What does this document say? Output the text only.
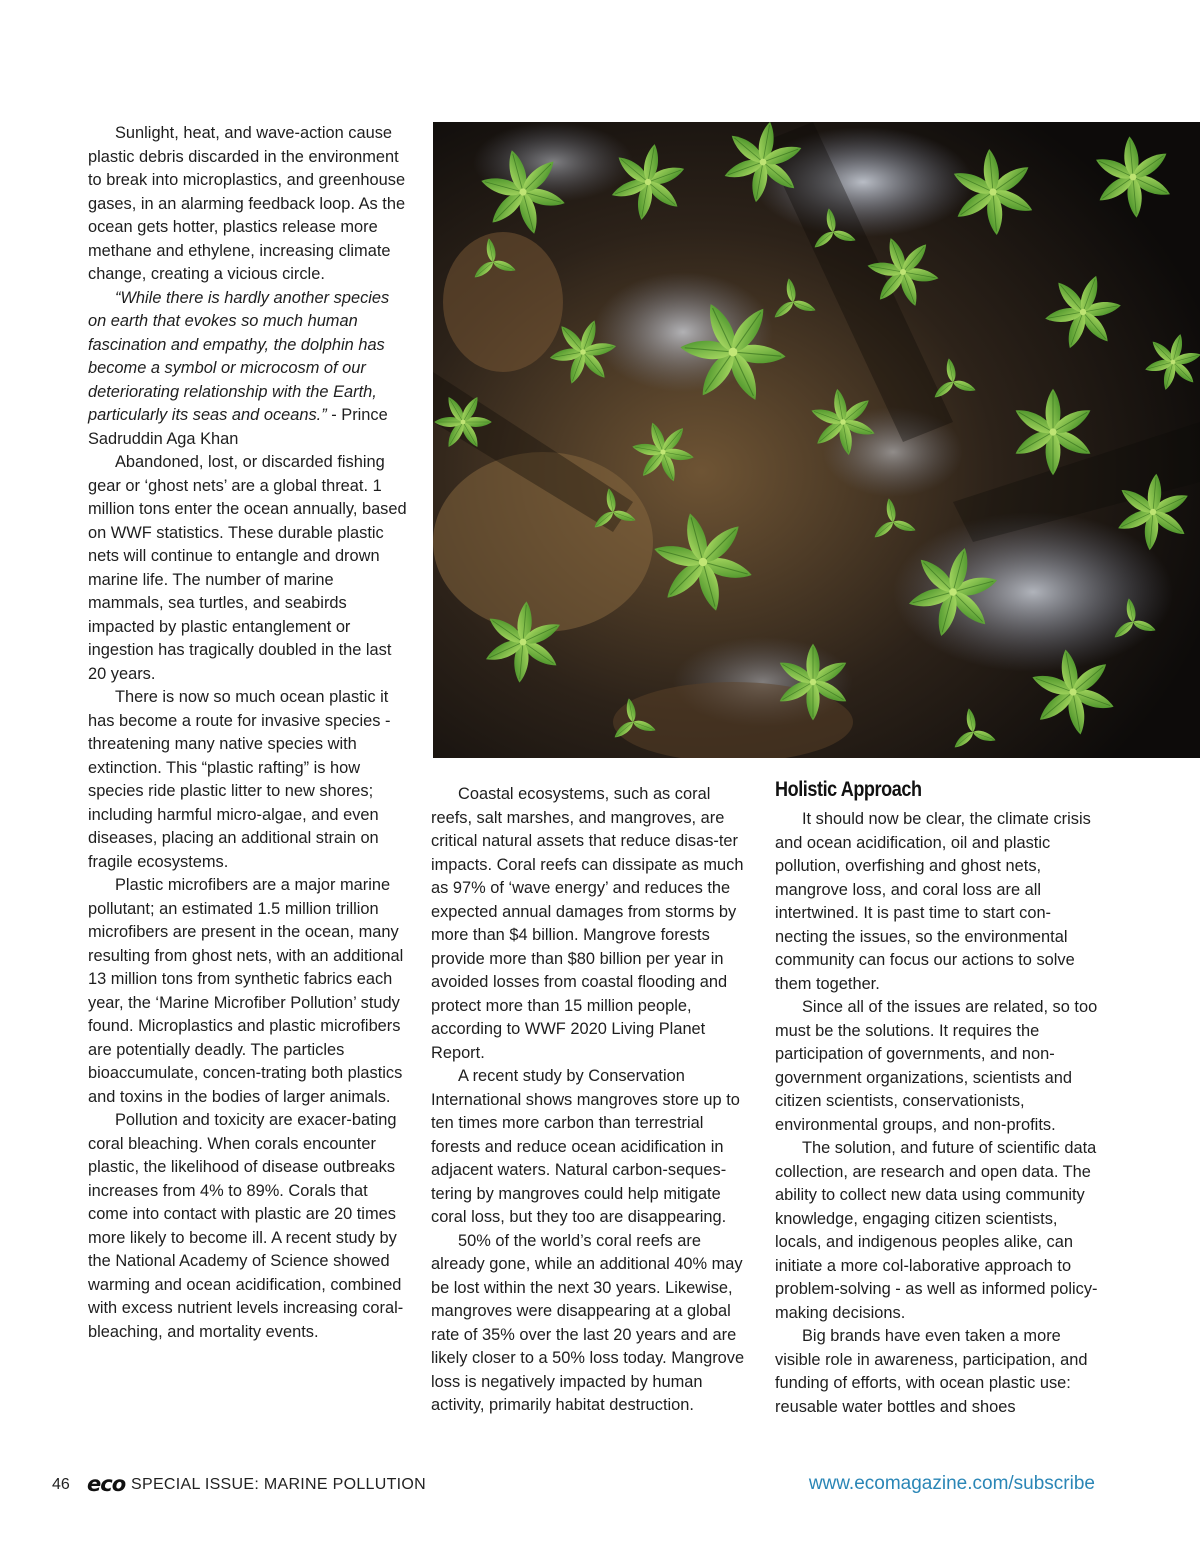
Sunlight, heat, and wave-action cause plastic debris discarded in the environment to break into microplastics, and greenhouse gases, in an alarming feedback loop. As the ocean gets hotter, plastics release more methane and ethylene, increasing climate change, creating a vicious circle.

“While there is hardly another species on earth that evokes so much human fascination and empathy, the dolphin has become a symbol or microcosm of our deteriorating relationship with the Earth, particularly its seas and oceans.” - Prince Sadruddin Aga Khan

Abandoned, lost, or discarded fishing gear or ‘ghost nets’ are a global threat. 1 million tons enter the ocean annually, based on WWF statistics. These durable plastic nets will continue to entangle and drown marine life. The number of marine mammals, sea turtles, and seabirds impacted by plastic entanglement or ingestion has tragically doubled in the last 20 years.

There is now so much ocean plastic it has become a route for invasive species - threatening many native species with extinction. This “plastic rafting” is how species ride plastic litter to new shores; including harmful micro-algae, and even diseases, placing an additional strain on fragile ecosystems.

Plastic microfibers are a major marine pollutant; an estimated 1.5 million trillion microfibers are present in the ocean, many resulting from ghost nets, with an additional 13 million tons from synthetic fabrics each year, the ‘Marine Microfiber Pollution’ study found. Microplastics and plastic microfibers are potentially deadly. The particles bioaccumulate, concen-trating both plastics and toxins in the bodies of larger animals.

Pollution and toxicity are exacer-bating coral bleaching. When corals encounter plastic, the likelihood of disease outbreaks increases from 4% to 89%. Corals that come into contact with plastic are 20 times more likely to become ill. A recent study by the National Academy of Science showed warming and ocean acidification, combined with excess nutrient levels increasing coral-bleaching, and mortality events.

Coastal ecosystems, such as coral reefs, salt marshes, and mangroves, are critical natural assets that reduce disas-ter impacts. Coral reefs can dissipate as much as 97% of ‘wave energy’ and reduces the expected annual damages from storms by more than $4 billion. Mangrove forests provide more than $80 billion per year in avoided losses from coastal flooding and protect more than 15 million people, according to WWF 2020 Living Planet Report.

A recent study by Conservation International shows mangroves store up to ten times more carbon than terrestrial forests and reduce ocean acidification in adjacent waters. Natural carbon-seques-tering by mangroves could help mitigate coral loss, but they too are disappearing.

50% of the world’s coral reefs are already gone, while an additional 40% may be lost within the next 30 years. Likewise, mangroves were disappearing at a global rate of 35% over the last 20 years and are likely closer to a 50% loss today. Mangrove loss is negatively impacted by human activity, primarily habitat destruction.

Holistic Approach

It should now be clear, the climate crisis and ocean acidification, oil and plastic pollution, overfishing and ghost nets, mangrove loss, and coral loss are all intertwined. It is past time to start con-necting the issues, so the environmental community can focus our actions to solve them together.

Since all of the issues are related, so too must be the solutions. It requires the participation of governments, and non-government organizations, scientists and citizen scientists, conservationists, environmental groups, and non-profits.

The solution, and future of scientific data collection, are research and open data. The ability to collect new data using community knowledge, engaging citizen scientists, locals, and indigenous peoples alike, can initiate a more col-laborative approach to problem-solving - as well as informed policy-making decisions.

Big brands have even taken a more visible role in awareness, participation, and funding of efforts, with ocean plastic use: reusable water bottles and shoes

46 eco SPECIAL ISSUE: MARINE POLLUTION	www.ecomagazine.com/subscribe
